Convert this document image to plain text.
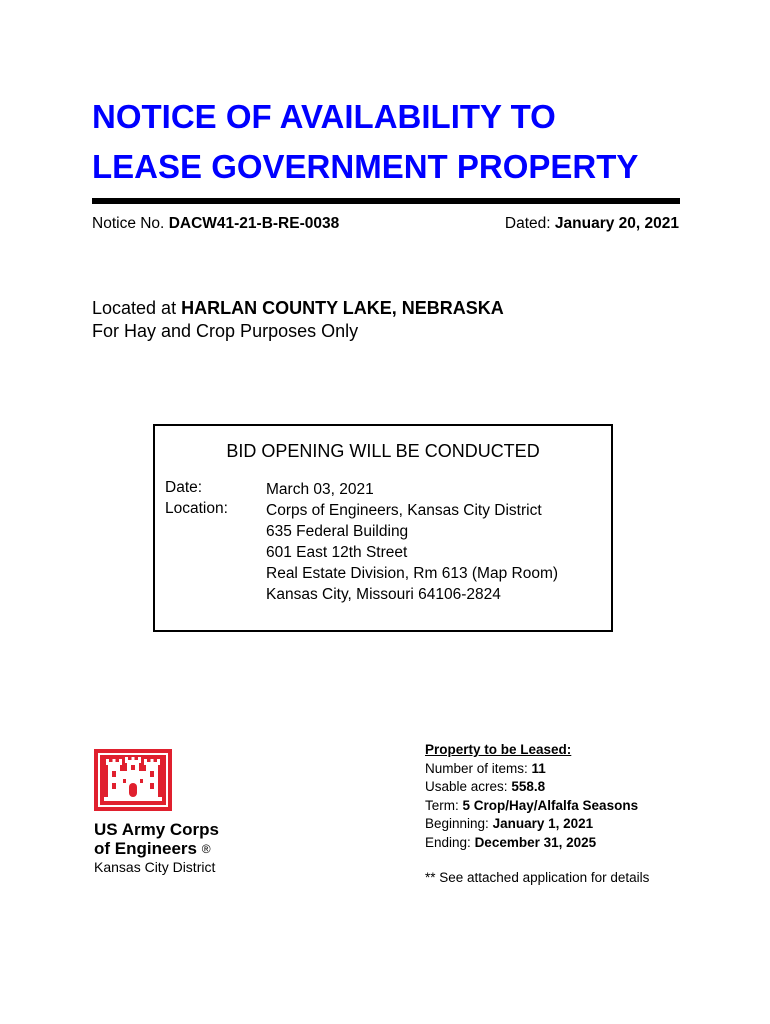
NOTICE OF AVAILABILITY TO
LEASE GOVERNMENT PROPERTY
Notice No. DACW41-21-B-RE-0038	Dated: January 20, 2021
Located at HARLAN COUNTY LAKE, NEBRASKA
For Hay and Crop Purposes Only
BID OPENING WILL BE CONDUCTED
Date:	March 03, 2021
Location: Corps of Engineers, Kansas City District
635 Federal Building
601 East 12th Street
Real Estate Division, Rm 613 (Map Room)
Kansas City, Missouri 64106-2824
US Army Corps
of Engineers ®
Kansas City District
Property to be Leased:
Number of items: 11
Usable acres: 558.8
Term: 5 Crop/Hay/Alfalfa Seasons
Beginning: January 1, 2021
Ending: December 31, 2025
** See attached application for details
